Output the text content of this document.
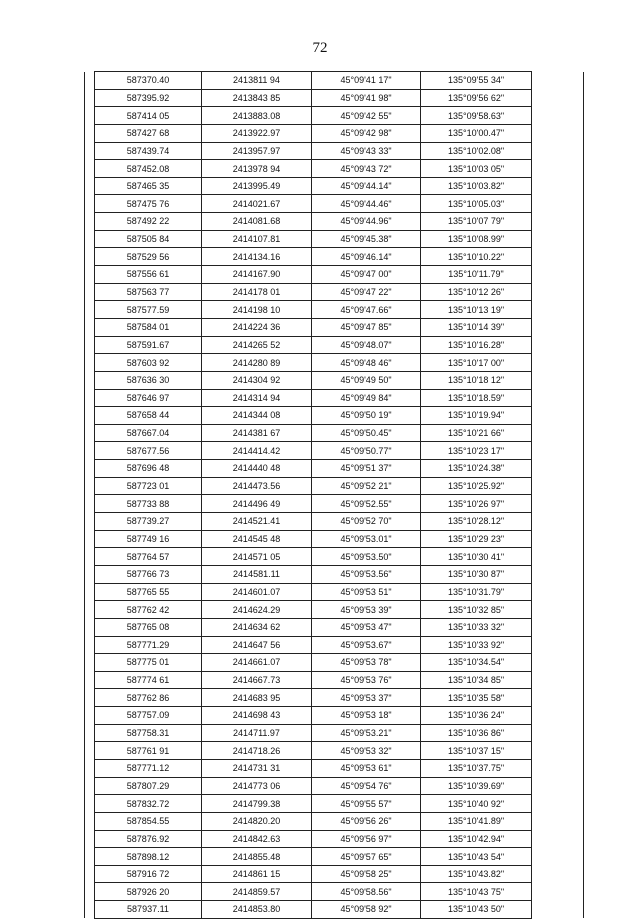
72
	587370.40	2413811 94	45°09'41 17"	135°09'55 34"	
	587395.92	2413843 85	45°09'41 98"	135°09'56 62"	
	587414 05	2413883.08	45°09'42 55"	135°09'58.63"	
	587427 68	2413922.97	45°09'42 98"	135°10'00.47"	
	587439.74	2413957.97	45°09'43 33"	135°10'02.08"	
	587452.08	2413978 94	45°09'43 72"	135°10'03 05"	
	587465 35	2413995.49	45°09'44.14"	135°10'03.82"	
	587475 76	2414021.67	45°09'44.46"	135°10'05.03"	
	587492 22	2414081.68	45°09'44.96"	135°10'07 79"	
	587505 84	2414107.81	45°09'45.38"	135°10'08.99"	
	587529 56	2414134.16	45°09'46.14"	135°10'10.22"	
	587556 61	2414167.90	45°09'47 00"	135°10'11.79"	
	587563 77	2414178 01	45°09'47 22"	135°10'12 26"	
	587577.59	2414198 10	45°09'47.66"	135°10'13 19"	
	587584 01	2414224 36	45°09'47 85"	135°10'14 39"	
	587591.67	2414265 52	45°09'48.07"	135°10'16.28"	
	587603 92	2414280 89	45°09'48 46"	135°10'17 00"	
	587636 30	2414304 92	45°09'49 50"	135°10'18 12"	
	587646 97	2414314 94	45°09'49 84"	135°10'18.59"	
	587658 44	2414344 08	45°09'50 19"	135°10'19.94"	
	587667.04	2414381 67	45°09'50.45"	135°10'21 66"	
	587677.56	2414414.42	45°09'50.77"	135°10'23 17"	
	587696 48	2414440 48	45°09'51 37"	135°10'24.38"	
	587723 01	2414473.56	45°09'52 21"	135°10'25.92"	
	587733 88	2414496 49	45°09'52.55"	135°10'26 97"	
	587739.27	2414521.41	45°09'52 70"	135°10'28.12"	
	587749 16	2414545 48	45°09'53.01"	135°10'29 23"	
	587764 57	2414571 05	45°09'53.50"	135°10'30 41"	
	587766 73	2414581.11	45°09'53.56"	135°10'30 87"	
	587765 55	2414601.07	45°09'53 51"	135°10'31.79"	
	587762 42	2414624.29	45°09'53 39"	135°10'32 85"	
	587765 08	2414634 62	45°09'53 47"	135°10'33 32"	
	587771.29	2414647 56	45°09'53.67"	135°10'33 92"	
	587775 01	2414661.07	45°09'53 78"	135°10'34.54"	
	587774 61	2414667.73	45°09'53 76"	135°10'34 85"	
	587762 86	2414683 95	45°09'53 37"	135°10'35 58"	
	587757.09	2414698 43	45°09'53 18"	135°10'36 24"	
	587758.31	2414711.97	45°09'53.21"	135°10'36 86"	
	587761 91	2414718.26	45°09'53 32"	135°10'37 15"	
	587771.12	2414731 31	45°09'53 61"	135°10'37.75"	
	587807.29	2414773 06	45°09'54 76"	135°10'39.69"	
	587832.72	2414799.38	45°09'55 57"	135°10'40 92"	
	587854.55	2414820.20	45°09'56 26"	135°10'41.89"	
	587876.92	2414842.63	45°09'56 97"	135°10'42.94"	
	587898.12	2414855.48	45°09'57 65"	135°10'43 54"	
	587916 72	2414861 15	45°09'58 25"	135°10'43.82"	
	587926 20	2414859.57	45°09'58.56"	135°10'43 75"	
	587937.11	2414853.80	45°09'58 92"	135°10'43 50"	
